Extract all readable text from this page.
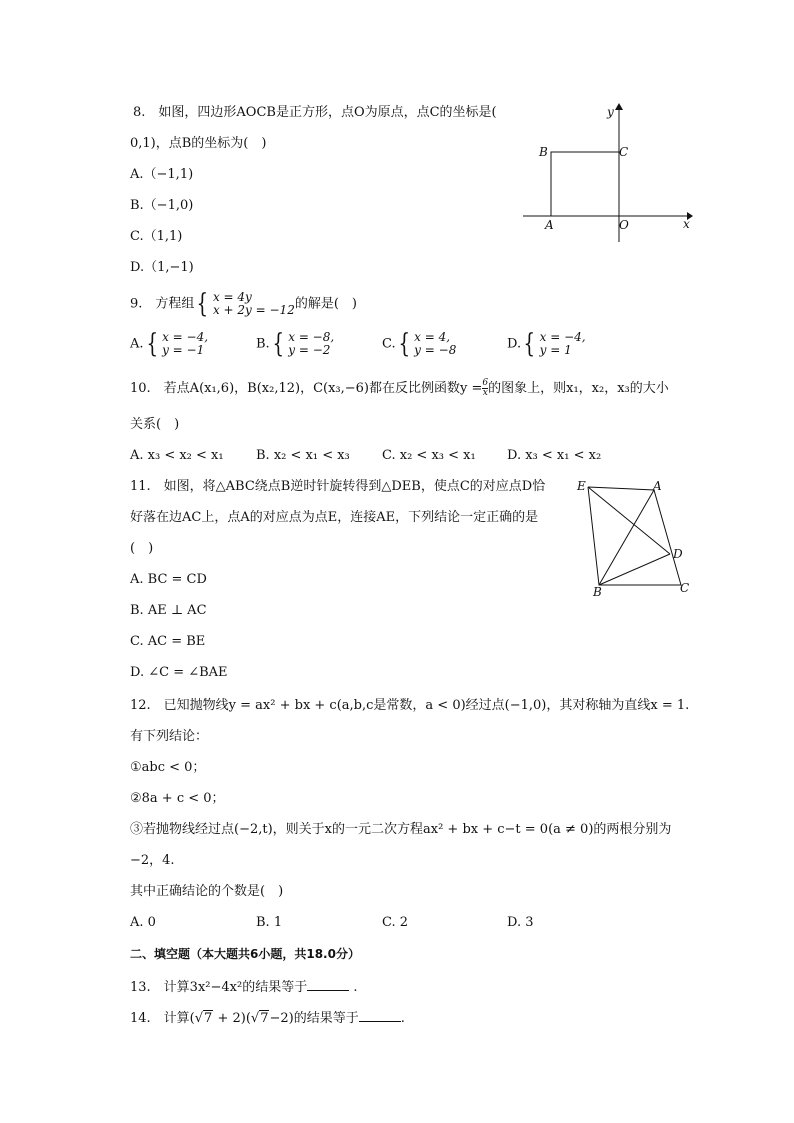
8.　如图，四边形AOCB是正方形，点O为原点，点C的坐标是(
0,1)，点B的坐标为(　)
A.（−1,1)
B.（−1,0)
C.（1,1)
D.（1,−1)
y
x
B	C
A	O
9.　方程组{ x = 4y
x + 2y = −12的解是(　)
A.{ x = −4,
y = −1	B.{ x = −8,
y = −2	C.{ x = 4,
y = −8	D.{ x = −4,
y = 1
10.　若点A(x₁,6)，B(x₂,12)，C(x₃,−6)都在反比例函数$y = \frac{6}{x}$ 的图象上，则x₁，x₂，x₃的大小
关系(　)
A. x₃ < x₂ < x₁ B. x₂ < x₁ < x₃ C. x₂ < x₃ < x₁ D. x₃ < x₁ < x₂
11.　如图，将△ABC绕点B逆时针旋转得到△DEB，使点C的对应点D恰
好落在边AC上，点A的对应点为点E，连接AE，下列结论一定正确的是
(　)
A. BC = CD
B. AE ⊥ AC
C. AC = BE
D. ∠C = ∠BAE
E	A
D
B	C
12.　已知抛物线y = ax² + bx + c(a,b,c是常数，a < 0)经过点(−1,0)，其对称轴为直线x = 1.
有下列结论：
①abc < 0；
②8a + c < 0；
③若抛物线经过点(−2,t)，则关于x的一元二次方程ax² + bx + c−t = 0(a ≠ 0)的两根分别为
−2，4.
其中正确结论的个数是(　)
A. 0	B. 1	C. 2	D. 3
二、填空题（本大题共6小题，共18.0分）
13.　计算3x²−4x²的结果等于	.
14.　计算(√7 + 2)(√7−2)的结果等于	.
